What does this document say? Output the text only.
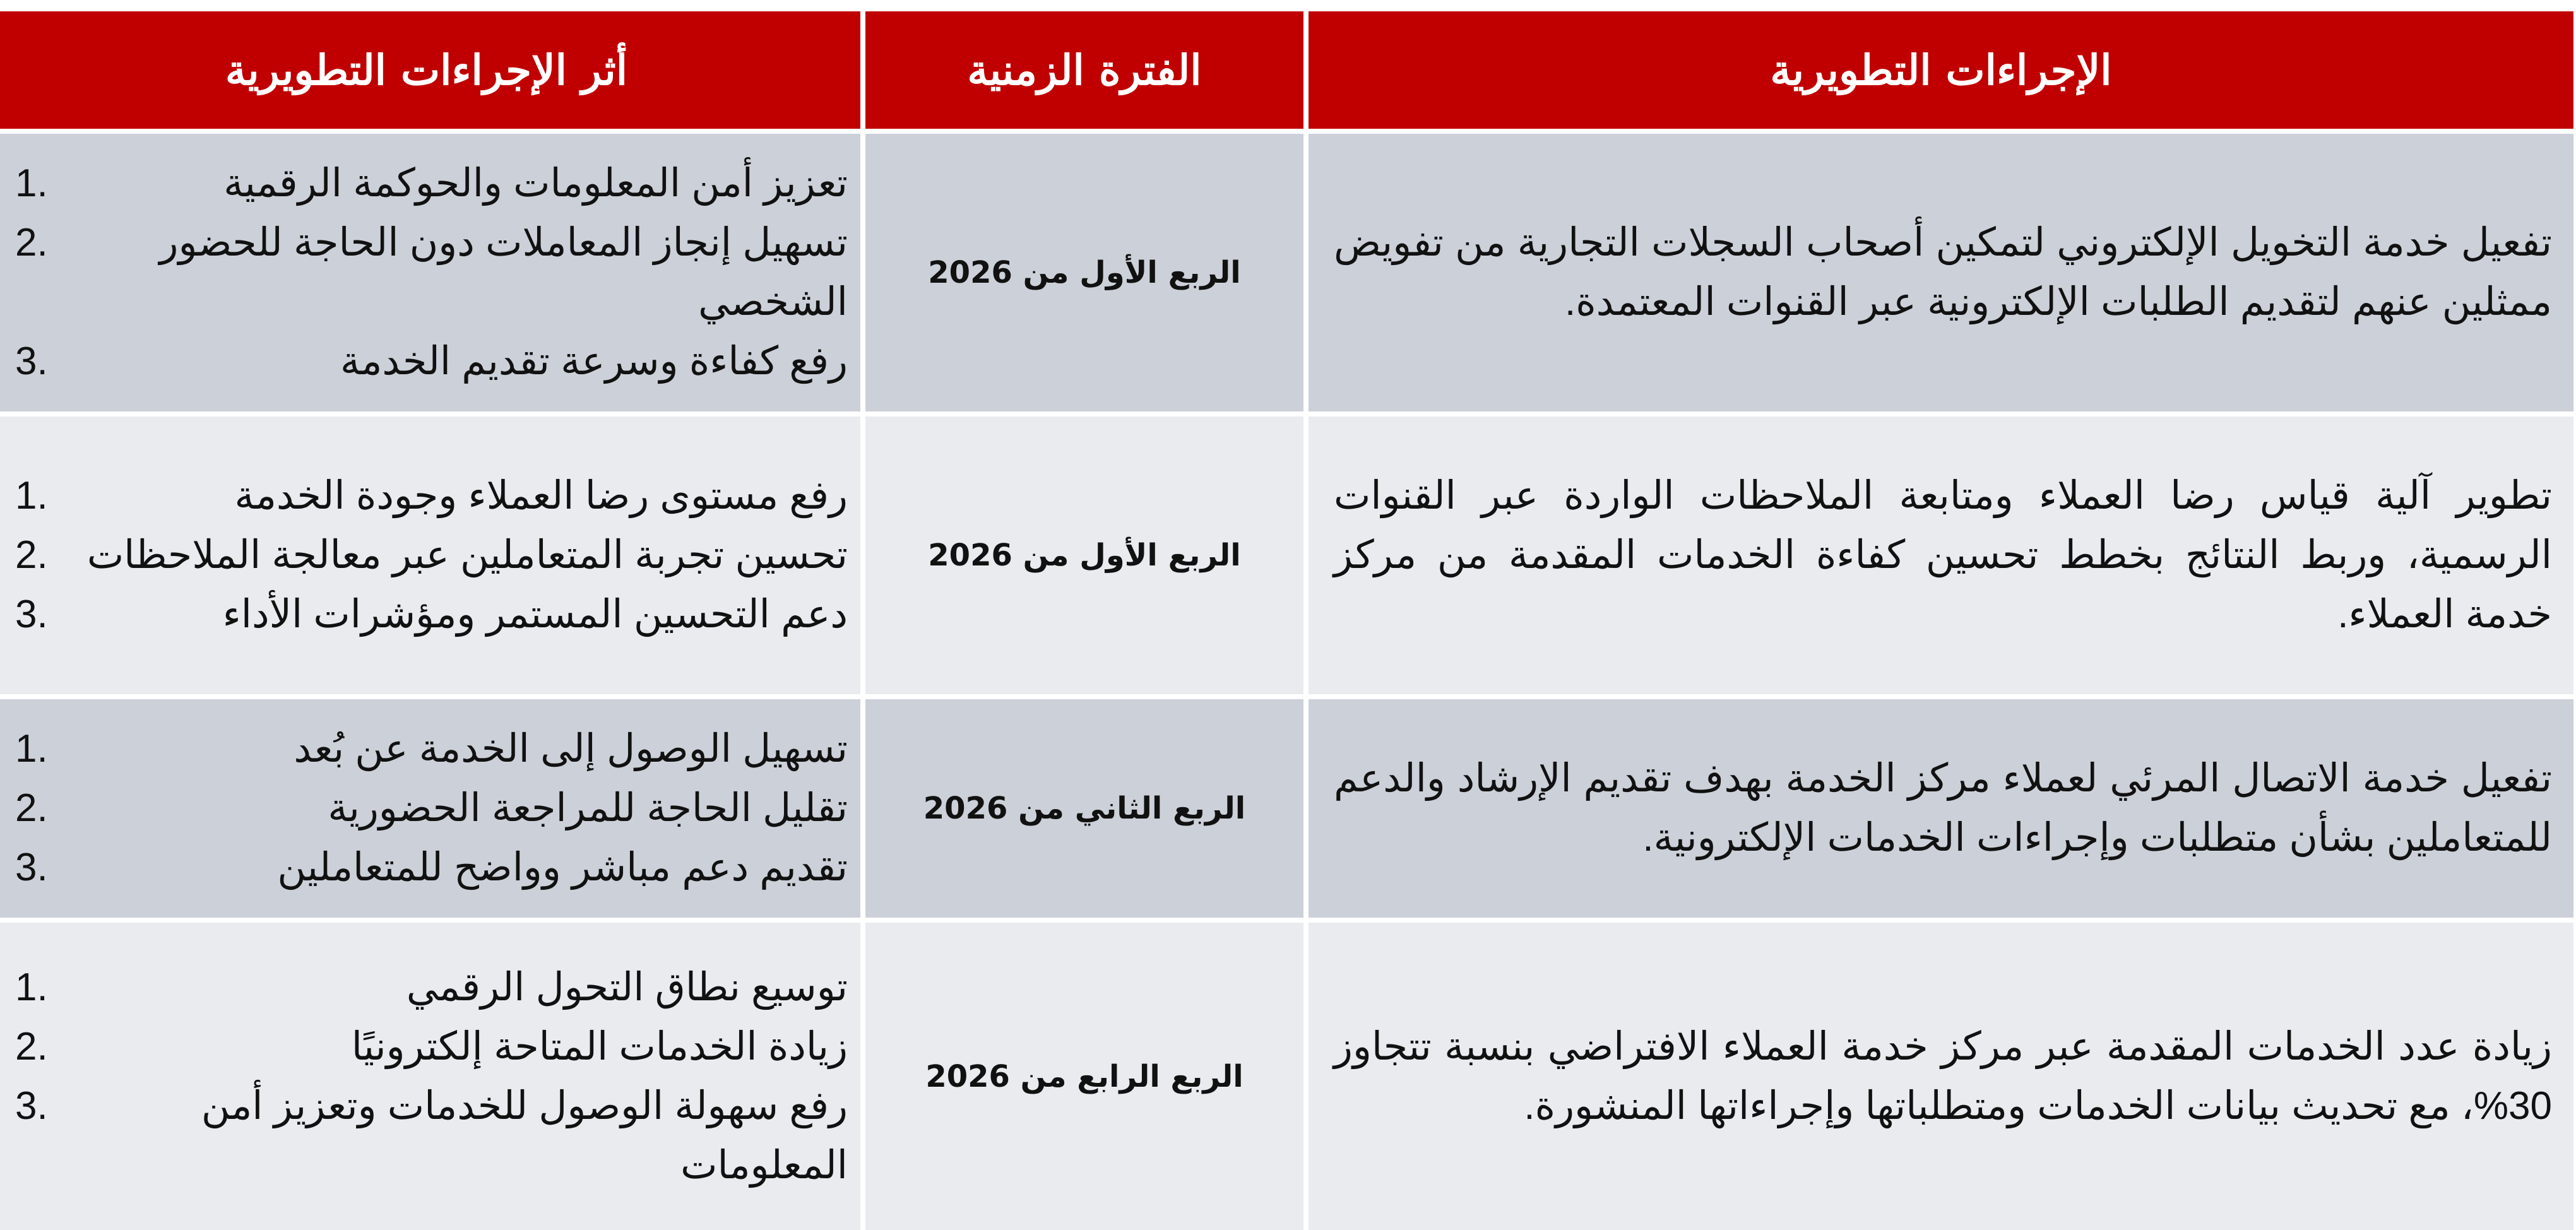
الإجراءات التطويرية
الفترة الزمنية
أثر الإجراءات التطويرية
تفعيل خدمة التخويل الإلكتروني لتمكين أصحاب السجلات التجارية من تفويض ممثلين عنهم لتقديم الطلبات الإلكترونية عبر القنوات المعتمدة.
الربع الأول من 2026
تعزيز أمن المعلومات والحوكمة الرقمية
1.
تسهيل إنجاز المعاملات دون الحاجة للحضور الشخصي
2.
رفع كفاءة وسرعة تقديم الخدمة
3.
تطوير آلية قياس رضا العملاء ومتابعة الملاحظات الواردة عبر القنوات الرسمية، وربط النتائج بخطط تحسين كفاءة الخدمات المقدمة من مركز خدمة العملاء.
الربع الأول من 2026
رفع مستوى رضا العملاء وجودة الخدمة
1.
تحسين تجربة المتعاملين عبر معالجة الملاحظات
2.
دعم التحسين المستمر ومؤشرات الأداء
3.
تفعيل خدمة الاتصال المرئي لعملاء مركز الخدمة بهدف تقديم الإرشاد والدعم للمتعاملين بشأن متطلبات وإجراءات الخدمات الإلكترونية.
الربع الثاني من 2026
تسهيل الوصول إلى الخدمة عن بُعد
1.
تقليل الحاجة للمراجعة الحضورية
2.
تقديم دعم مباشر وواضح للمتعاملين
3.
زيادة عدد الخدمات المقدمة عبر مركز خدمة العملاء الافتراضي بنسبة تتجاوز 30%، مع تحديث بيانات الخدمات ومتطلباتها وإجراءاتها المنشورة.
الربع الرابع من 2026
توسيع نطاق التحول الرقمي
1.
زيادة الخدمات المتاحة إلكترونيًا
2.
رفع سهولة الوصول للخدمات وتعزيز أمن المعلومات
3.
